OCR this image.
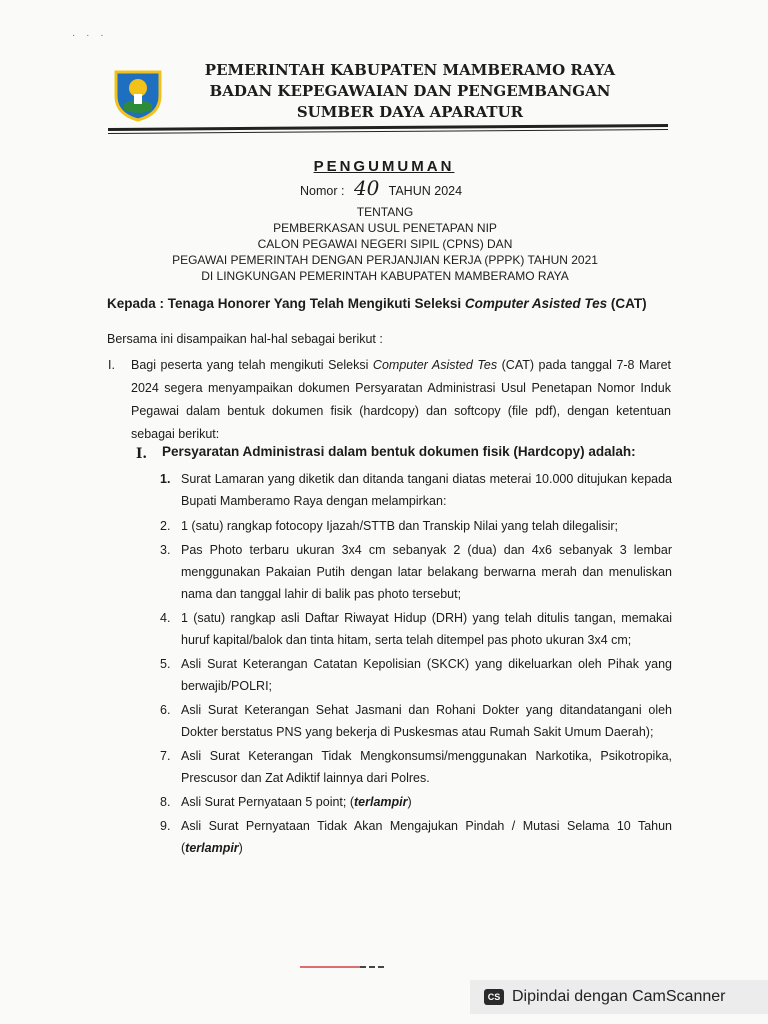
· · ·
PEMERINTAH KABUPATEN MAMBERAMO RAYA
BADAN KEPEGAWAIAN DAN PENGEMBANGAN
SUMBER DAYA APARATUR
PENGUMUMAN
Nomor : 40 TAHUN 2024
TENTANG
PEMBERKASAN USUL PENETAPAN NIP
CALON PEGAWAI NEGERI SIPIL (CPNS) DAN
PEGAWAI PEMERINTAH DENGAN PERJANJIAN KERJA (PPPK) TAHUN 2021
DI LINGKUNGAN PEMERINTAH KABUPATEN MAMBERAMO RAYA
Kepada : Tenaga Honorer Yang Telah Mengikuti Seleksi Computer Asisted Tes (CAT)
Bersama ini disampaikan hal-hal sebagai berikut :
I. Bagi peserta yang telah mengikuti Seleksi Computer Asisted Tes (CAT) pada tanggal 7-8 Maret 2024 segera menyampaikan dokumen Persyaratan Administrasi Usul Penetapan Nomor Induk Pegawai dalam bentuk dokumen fisik (hardcopy) dan softcopy (file pdf), dengan ketentuan sebagai berikut:
I. Persyaratan Administrasi dalam bentuk dokumen fisik (Hardcopy) adalah:
1. Surat Lamaran yang diketik dan ditanda tangani diatas meterai 10.000 ditujukan kepada Bupati Mamberamo Raya dengan melampirkan:
2. 1 (satu) rangkap fotocopy Ijazah/STTB dan Transkip Nilai yang telah dilegalisir;
3. Pas Photo terbaru ukuran 3x4 cm sebanyak 2 (dua) dan 4x6 sebanyak 3 lembar menggunakan Pakaian Putih dengan latar belakang berwarna merah dan menuliskan nama dan tanggal lahir di balik pas photo tersebut;
4. 1 (satu) rangkap asli Daftar Riwayat Hidup (DRH) yang telah ditulis tangan, memakai huruf kapital/balok dan tinta hitam, serta telah ditempel pas photo ukuran 3x4 cm;
5. Asli Surat Keterangan Catatan Kepolisian (SKCK) yang dikeluarkan oleh Pihak yang berwajib/POLRI;
6. Asli Surat Keterangan Sehat Jasmani dan Rohani Dokter yang ditandatangani oleh Dokter berstatus PNS yang bekerja di Puskesmas atau Rumah Sakit Umum Daerah);
7. Asli Surat Keterangan Tidak Mengkonsumsi/menggunakan Narkotika, Psikotropika, Prescusor dan Zat Adiktif lainnya dari Polres.
8. Asli Surat Pernyataan 5 point; (terlampir)
9. Asli Surat Pernyataan Tidak Akan Mengajukan Pindah / Mutasi Selama 10 Tahun (terlampir)
CS Dipindai dengan CamScanner
